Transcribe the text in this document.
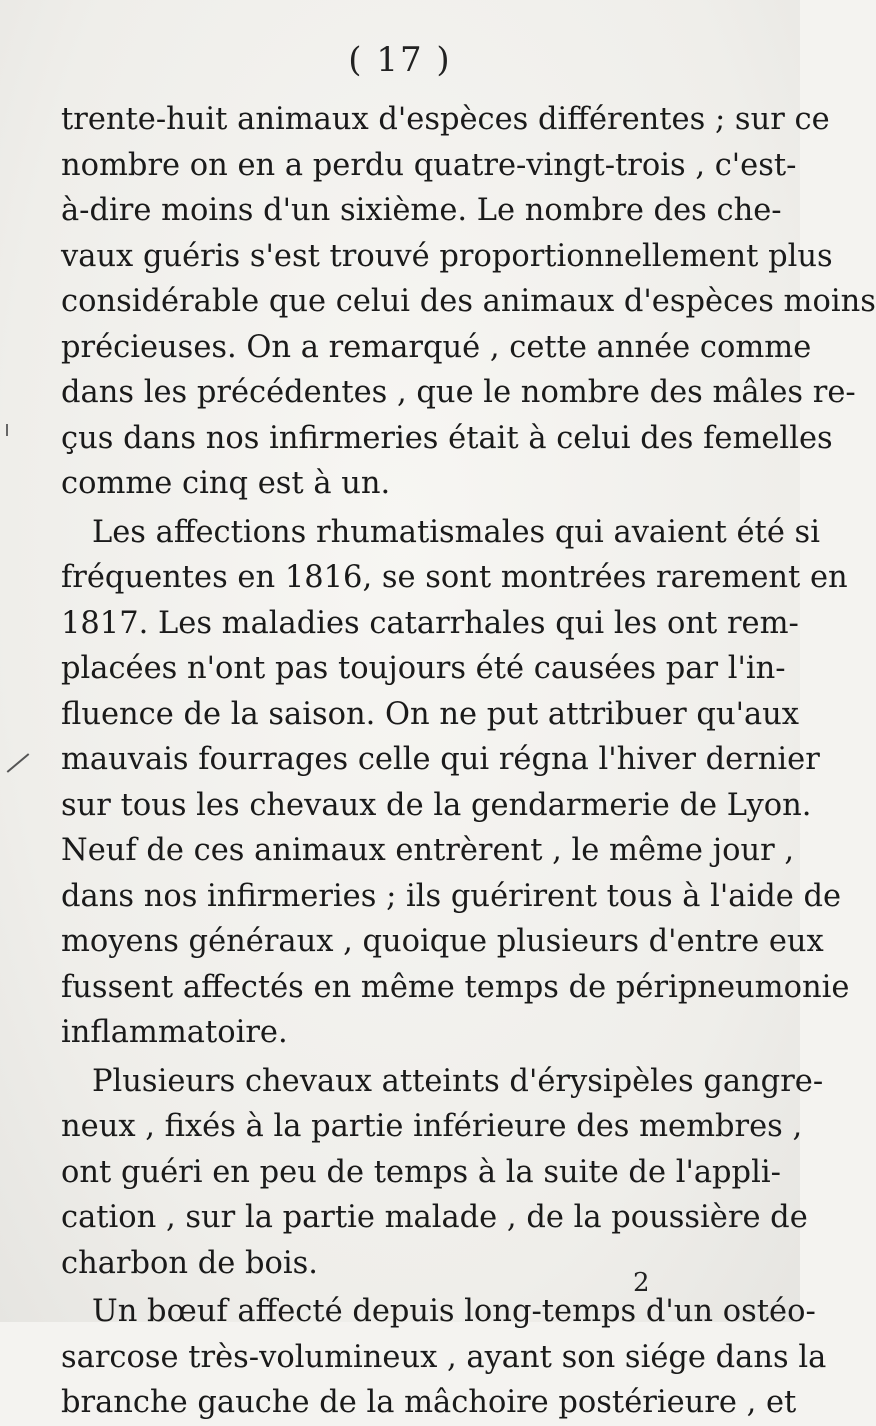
( 17 )
trente-huit animaux d'espèces différentes ; sur ce
nombre on en a perdu quatre-vingt-trois , c'est-
à-dire moins d'un sixième. Le nombre des che-
vaux guéris s'est trouvé proportionnellement plus
considérable que celui des animaux d'espèces moins
précieuses. On a remarqué , cette année comme
dans les précédentes , que le nombre des mâles re-
çus dans nos infirmeries était à celui des femelles
comme cinq est à un.
Les affections rhumatismales qui avaient été si
fréquentes en 1816, se sont montrées rarement en
1817. Les maladies catarrhales qui les ont rem-
placées n'ont pas toujours été causées par l'in-
fluence de la saison. On ne put attribuer qu'aux
mauvais fourrages celle qui régna l'hiver dernier
sur tous les chevaux de la gendarmerie de Lyon.
Neuf de ces animaux entrèrent , le même jour ,
dans nos infirmeries ; ils guérirent tous à l'aide de
moyens généraux , quoique plusieurs d'entre eux
fussent affectés en même temps de péripneumonie
inflammatoire.
Plusieurs chevaux atteints d'érysipèles gangre-
neux , fixés à la partie inférieure des membres ,
ont guéri en peu de temps à la suite de l'appli-
cation , sur la partie malade , de la poussière de
charbon de bois.
Un bœuf affecté depuis long-temps d'un ostéo-
sarcose très-volumineux , ayant son siége dans la
branche gauche de la mâchoire postérieure , et
2
